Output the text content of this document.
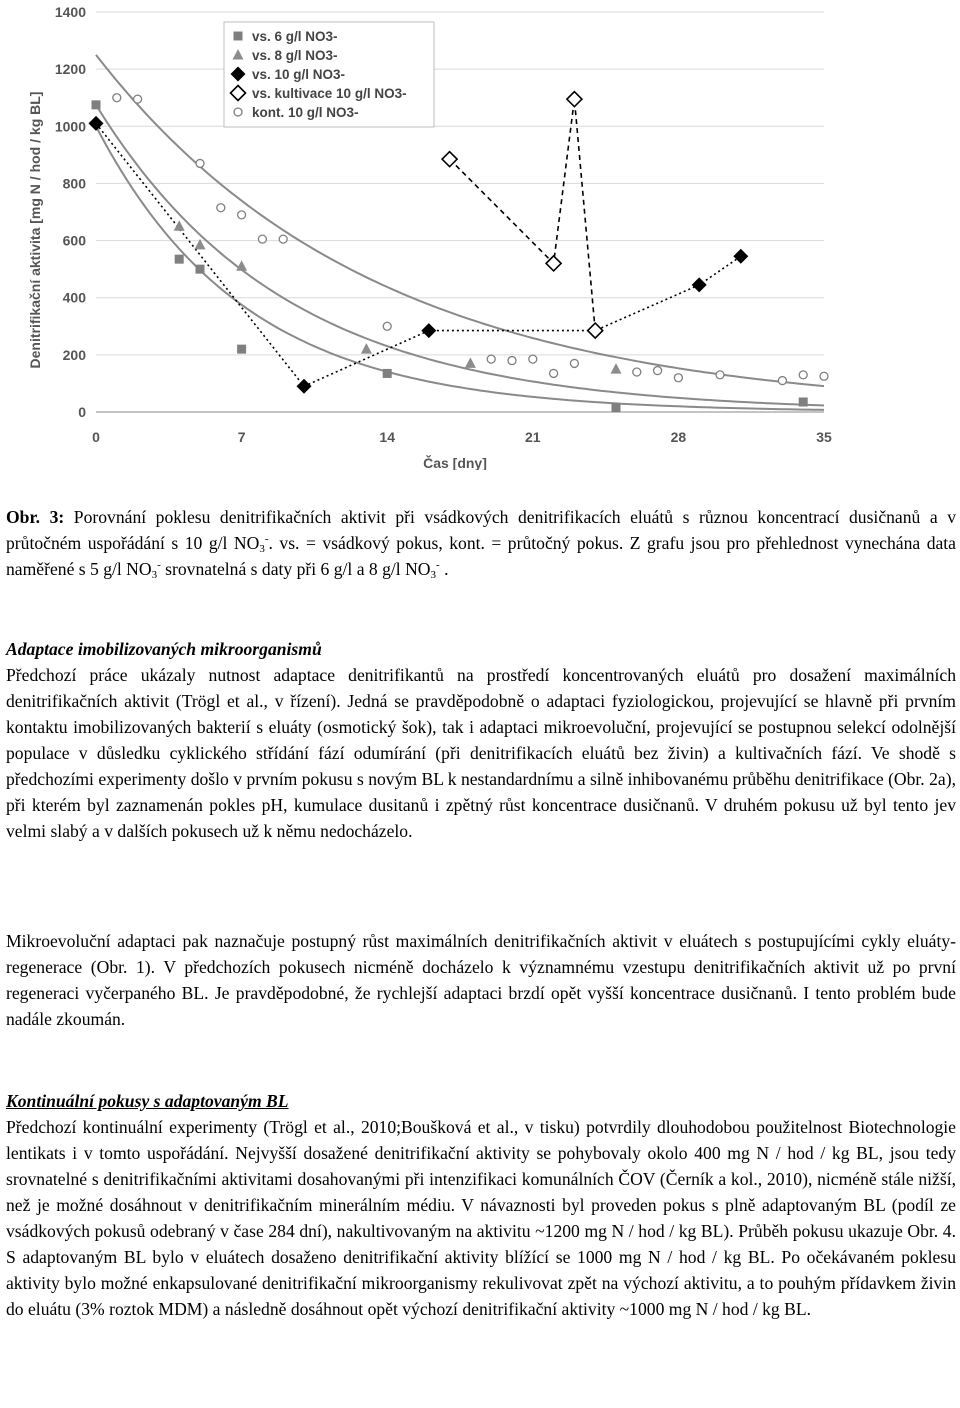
0
200
400
600
800
1000
1200
1400
0	7	14	21	28	35
vs. 6 g/l NO3-
vs. 8 g/l NO3-
vs. 10 g/l NO3-
vs. kultivace 10 g/l NO3-
kont. 10 g/l NO3-
Denitrifikační aktivita [mg N / hod / kg BL]
Čas [dny]

Obr. 3: Porovnání poklesu denitrifikačních aktivit při vsádkových denitrifikacích eluátů s různou koncentrací dusičnanů a v průtočném uspořádání s 10 g/l $NO_3^-$. vs. = vsádkový pokus, kont. = průtočný pokus. Z grafu jsou pro přehlednost vynechána data naměřené s 5 g/l $NO_3^-$ srovnatelná s daty při 6 g/l a 8 g/l $NO_3^-$ .

Adaptace imobilizovaných mikroorganismů

Předchozí práce ukázaly nutnost adaptace denitrifikantů na prostředí koncentrovaných eluátů pro dosažení maximálních denitrifikačních aktivit (Trögl et al., v řízení). Jedná se pravděpodobně o adaptaci fyziologickou, projevující se hlavně při prvním kontaktu imobilizovaných bakterií s eluáty (osmotický šok), tak i adaptaci mikroevoluční, projevující se postupnou selekcí odolnější populace v důsledku cyklického střídání fází odumírání (při denitrifikacích eluátů bez živin) a kultivačních fází. Ve shodě s předchozími experimenty došlo v prvním pokusu s novým BL k nestandardnímu a silně inhibovanému průběhu denitrifikace (Obr. 2a), při kterém byl zaznamenán pokles pH, kumulace dusitanů i zpětný růst koncentrace dusičnanů. V druhém pokusu už byl tento jev velmi slabý a v dalších pokusech už k němu nedocházelo.

Mikroevoluční adaptaci pak naznačuje postupný růst maximálních denitrifikačních aktivit v eluátech s postupujícími cykly eluáty-regenerace (Obr. 1). V předchozích pokusech nicméně docházelo k významnému vzestupu denitrifikačních aktivit už po první regeneraci vyčerpaného BL. Je pravděpodobné, že rychlejší adaptaci brzdí opět vyšší koncentrace dusičnanů. I tento problém bude nadále zkoumán.

Kontinuální pokusy s adaptovaným BL

Předchozí kontinuální experimenty (Trögl et al., 2010;Boušková et al., v tisku) potvrdily dlouhodobou použitelnost Biotechnologie lentikats i v tomto uspořádání. Nejvyšší dosažené denitrifikační aktivity se pohybovaly okolo 400 mg N / hod / kg BL, jsou tedy srovnatelné s denitrifikačními aktivitami dosahovanými při intenzifikaci komunálních ČOV (Černík a kol., 2010), nicméně stále nižší, než je možné dosáhnout v denitrifikačním minerálním médiu. V návaznosti byl proveden pokus s plně adaptovaným BL (podíl ze vsádkových pokusů odebraný v čase 284 dní), nakultivovaným na aktivitu ~1200 mg N / hod / kg BL). Průběh pokusu ukazuje Obr. 4. S adaptovaným BL bylo v eluátech dosaženo denitrifikační aktivity blížící se 1000 mg N / hod / kg BL. Po očekávaném poklesu aktivity bylo možné enkapsulované denitrifikační mikroorganismy rekulivovat zpět na výchozí aktivitu, a to pouhým přídavkem živin do eluátu (3% roztok MDM) a následně dosáhnout opět výchozí denitrifikační aktivity ~1000 mg N / hod / kg BL.
